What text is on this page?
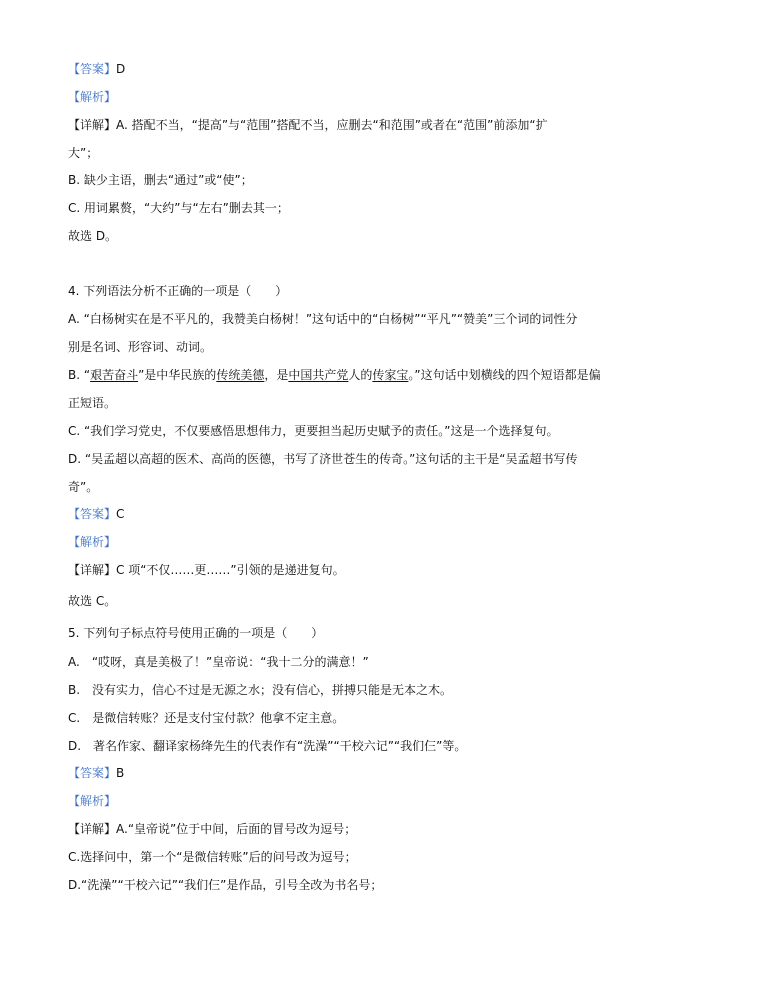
【答案】D
【解析】
【详解】A. 搭配不当，“提高”与“范围”搭配不当，应删去“和范围”或者在“范围”前添加“扩
大”；
B. 缺少主语，删去“通过”或“使”；
C. 用词累赘，“大约”与“左右”删去其一；
故选 D。
4. 下列语法分析不正确的一项是（　　）
A. “白杨树实在是不平凡的，我赞美白杨树！”这句话中的“白杨树”“平凡”“赞美”三个词的词性分
别是名词、形容词、动词。
B. “艰苦奋斗”是中华民族的传统美德，是中国共产党人的传家宝。”这句话中划横线的四个短语都是偏
正短语。
C. “我们学习党史，不仅要感悟思想伟力，更要担当起历史赋予的责任。”这是一个选择复句。
D. “吴孟超以高超的医术、高尚的医德，书写了济世苍生的传奇。”这句话的主干是“吴孟超书写传
奇”。
【答案】C
【解析】
【详解】C 项“不仅……更……”引领的是递进复句。
故选 C。
5. 下列句子标点符号使用正确的一项是（　　）
A.　“哎呀，真是美极了！”皇帝说：“我十二分的满意！”
B.　没有实力，信心不过是无源之水；没有信心，拼搏只能是无本之木。
C.　是微信转账？还是支付宝付款？他拿不定主意。
D.　著名作家、翻译家杨绛先生的代表作有“洗澡”“干校六记”“我们仨”等。
【答案】B
【解析】
【详解】A.“皇帝说”位于中间，后面的冒号改为逗号；
C.选择问中，第一个“是微信转账”后的问号改为逗号；
D.“洗澡”“干校六记”“我们仨”是作品，引号全改为书名号；
